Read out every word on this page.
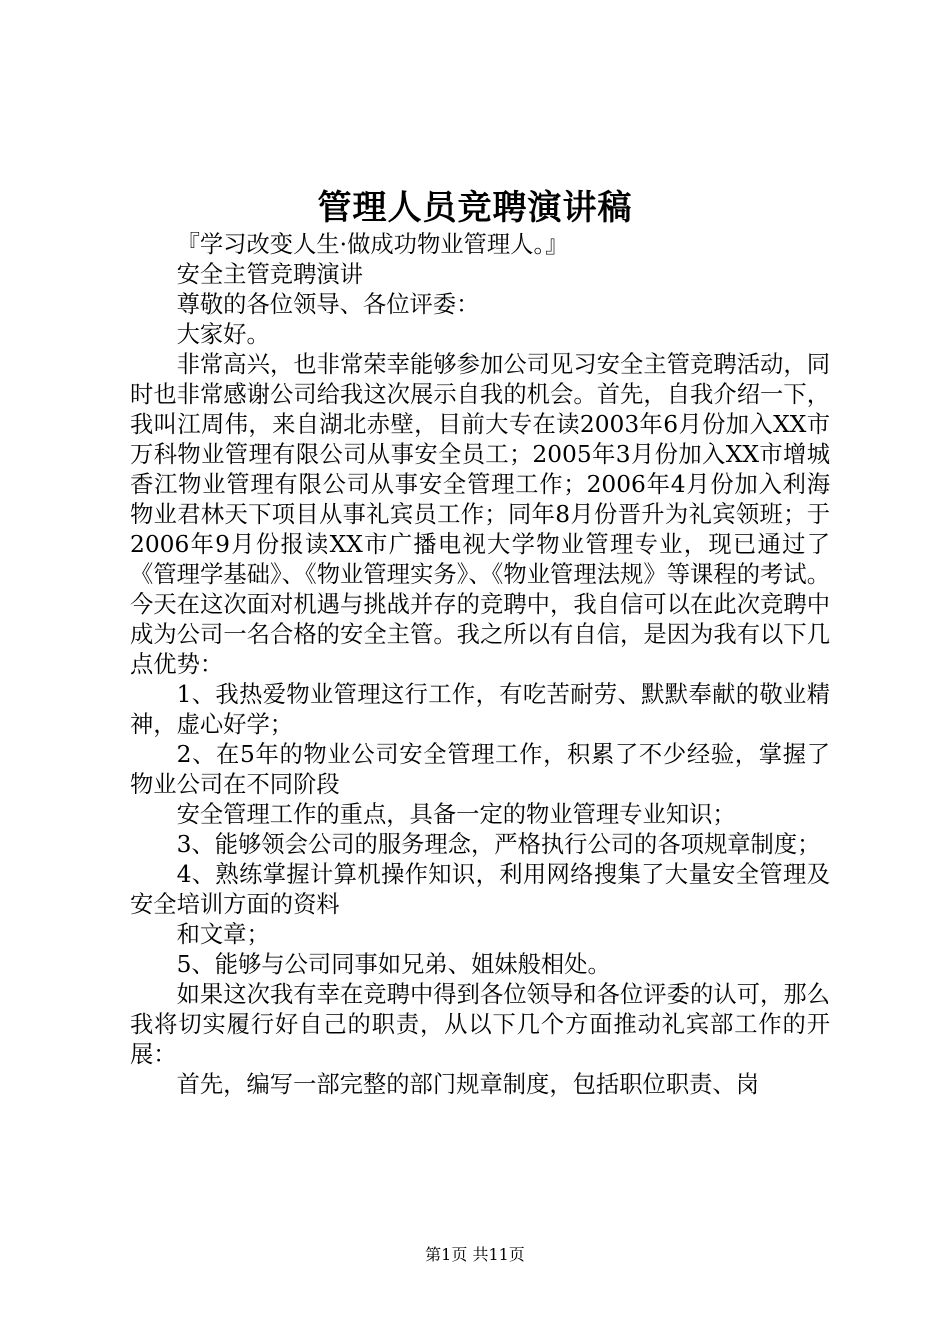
管理人员竞聘演讲稿

『学习改变人生·做成功物业管理人。』

安全主管竞聘演讲

尊敬的各位领导、各位评委：

大家好。

非常高兴，也非常荣幸能够参加公司见习安全主管竞聘活动，同时也非常感谢公司给我这次展示自我的机会。首先，自我介绍一下，我叫江周伟，来自湖北赤壁，目前大专在读2003年6月份加入XX市万科物业管理有限公司从事安全员工；2005年3月份加入XX市增城香江物业管理有限公司从事安全管理工作；2006年4月份加入利海物业君林天下项目从事礼宾员工作；同年8月份晋升为礼宾领班；于2006年9月份报读XX市广播电视大学物业管理专业，现已通过了《管理学基础》、《物业管理实务》、《物业管理法规》等课程的考试。今天在这次面对机遇与挑战并存的竞聘中，我自信可以在此次竞聘中成为公司一名合格的安全主管。我之所以有自信，是因为我有以下几点优势：

1、我热爱物业管理这行工作，有吃苦耐劳、默默奉献的敬业精神，虚心好学；

2、在5年的物业公司安全管理工作，积累了不少经验，掌握了物业公司在不同阶段

安全管理工作的重点，具备一定的物业管理专业知识；

3、能够领会公司的服务理念，严格执行公司的各项规章制度；

4、熟练掌握计算机操作知识，利用网络搜集了大量安全管理及安全培训方面的资料

和文章；

5、能够与公司同事如兄弟、姐妹般相处。

如果这次我有幸在竞聘中得到各位领导和各位评委的认可，那么我将切实履行好自己的职责，从以下几个方面推动礼宾部工作的开展：

首先，编写一部完整的部门规章制度，包括职位职责、岗

第1页 共11页
